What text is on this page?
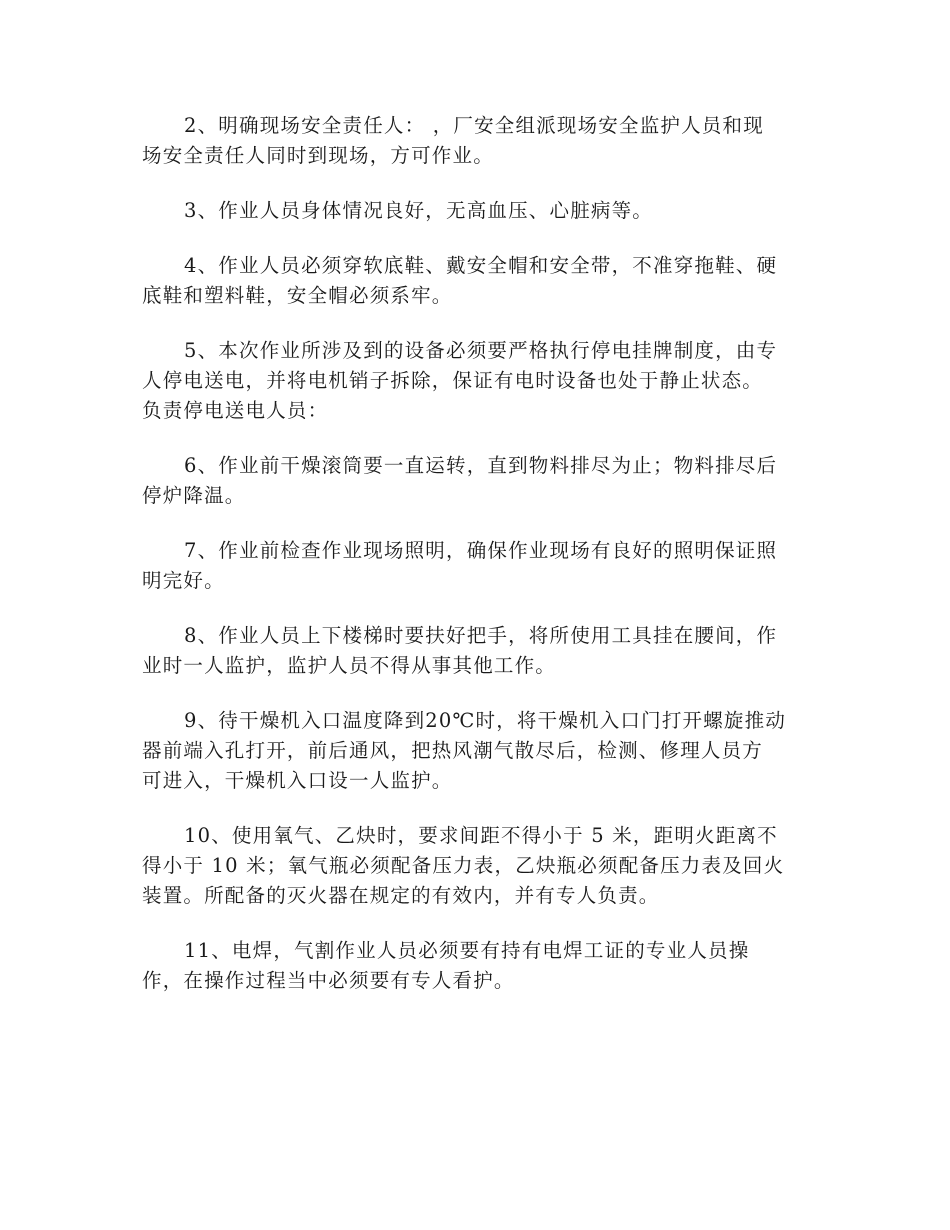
2、明确现场安全责任人： ，厂安全组派现场安全监护人员和现
场安全责任人同时到现场，方可作业。

3、作业人员身体情况良好，无高血压、心脏病等。

4、作业人员必须穿软底鞋、戴安全帽和安全带，不准穿拖鞋、硬
底鞋和塑料鞋，安全帽必须系牢。

5、本次作业所涉及到的设备必须要严格执行停电挂牌制度，由专
人停电送电，并将电机销子拆除，保证有电时设备也处于静止状态。
负责停电送电人员：

6、作业前干燥滚筒要一直运转，直到物料排尽为止；物料排尽后
停炉降温。

7、作业前检查作业现场照明，确保作业现场有良好的照明保证照
明完好。

8、作业人员上下楼梯时要扶好把手，将所使用工具挂在腰间，作
业时一人监护，监护人员不得从事其他工作。

9、待干燥机入口温度降到20℃时，将干燥机入口门打开螺旋推动
器前端入孔打开，前后通风，把热风潮气散尽后，检测、修理人员方
可进入，干燥机入口设一人监护。

10、使用氧气、乙炔时，要求间距不得小于 5 米，距明火距离不
得小于 10 米；氧气瓶必须配备压力表，乙炔瓶必须配备压力表及回火
装置。所配备的灭火器在规定的有效内，并有专人负责。

11、电焊，气割作业人员必须要有持有电焊工证的专业人员操
作，在操作过程当中必须要有专人看护。
